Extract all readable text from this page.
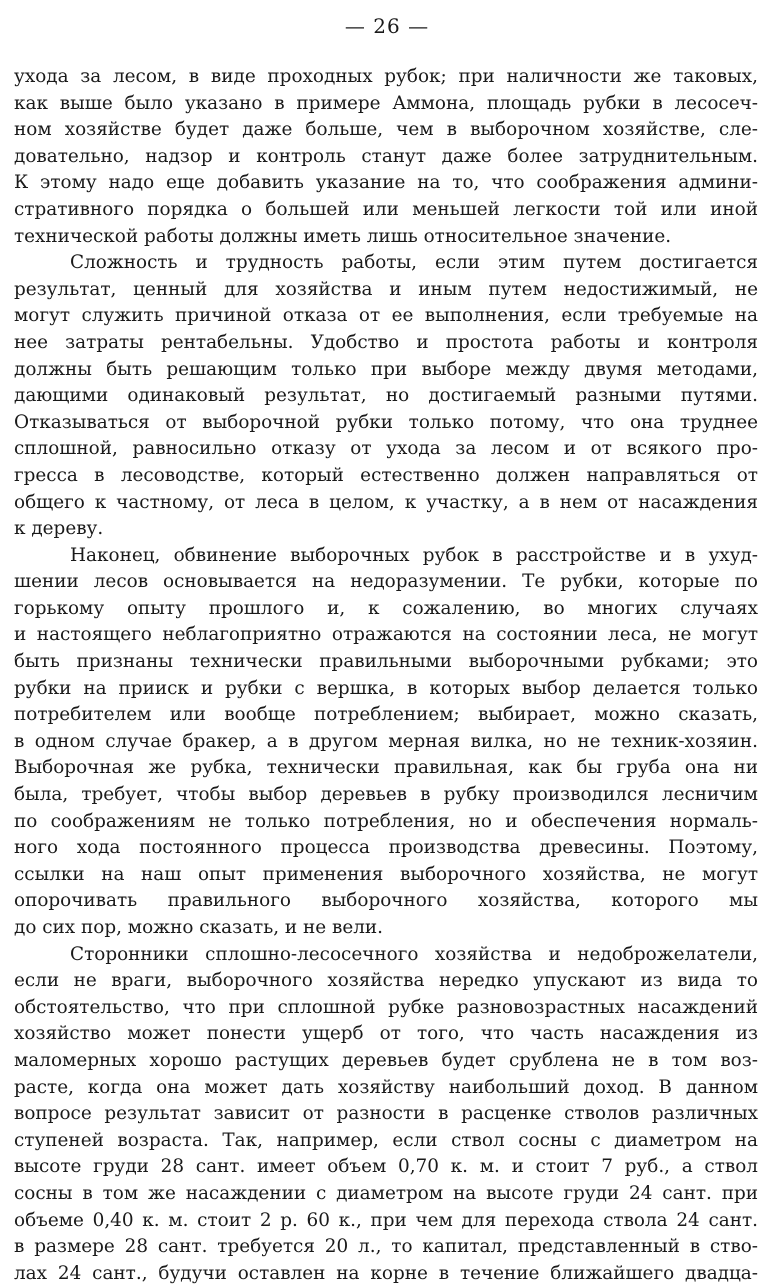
— 26 —
ухода за лесом, в виде проходных рубок; при наличности же таковых,
как выше было указано в примере Аммона, площадь рубки в лесосеч-
ном хозяйстве будет даже больше, чем в выборочном хозяйстве, сле-
довательно, надзор и контроль станут даже более затруднительным.
К этому надо еще добавить указание на то, что соображения админи-
стративного порядка о большей или меньшей легкости той или иной
технической работы должны иметь лишь относительное значение.
Сложность и трудность работы, если этим путем достигается
результат, ценный для хозяйства и иным путем недостижимый, не
могут служить причиной отказа от ее выполнения, если требуемые на
нее затраты рентабельны. Удобство и простота работы и контроля
должны быть решающим только при выборе между двумя методами,
дающими одинаковый результат, но достигаемый разными путями.
Отказываться от выборочной рубки только потому, что она труднее
сплошной, равносильно отказу от ухода за лесом и от всякого про-
гресса в лесоводстве, который естественно должен направляться от
общего к частному, от леса в целом, к участку, а в нем от насаждения
к дереву.
Наконец, обвинение выборочных рубок в расстройстве и в ухуд-
шении лесов основывается на недоразумении. Те рубки, которые по
горькому опыту прошлого и, к сожалению, во многих случаях
и настоящего неблагоприятно отражаются на состоянии леса, не могут
быть признаны технически правильными выборочными рубками; это
рубки на прииск и рубки с вершка, в которых выбор делается только
потребителем или вообще потреблением; выбирает, можно сказать,
в одном случае бракер, а в другом мерная вилка, но не техник-хозяин.
Выборочная же рубка, технически правильная, как бы груба она ни
была, требует, чтобы выбор деревьев в рубку производился лесничим
по соображениям не только потребления, но и обеспечения нормаль-
ного хода постоянного процесса производства древесины. Поэтому,
ссылки на наш опыт применения выборочного хозяйства, не могут
опорочивать правильного выборочного хозяйства, которого мы
до сих пор, можно сказать, и не вели.
Сторонники сплошно-лесосечного хозяйства и недоброжелатели,
если не враги, выборочного хозяйства нередко упускают из вида то
обстоятельство, что при сплошной рубке разновозрастных насаждений
хозяйство может понести ущерб от того, что часть насаждения из
маломерных хорошо растущих деревьев будет срублена не в том воз-
расте, когда она может дать хозяйству наибольший доход. В данном
вопросе результат зависит от разности в расценке стволов различных
ступеней возраста. Так, например, если ствол сосны с диаметром на
высоте груди 28 сант. имеет объем 0,70 к. м. и стоит 7 руб., а ствол
сосны в том же насаждении с диаметром на высоте груди 24 сант. при
объеме 0,40 к. м. стоит 2 р. 60 к., при чем для перехода ствола 24 сант.
в размере 28 сант. требуется 20 л., то капитал, представленный в ство-
лах 24 сант., будучи оставлен на корне в течение ближайшего двадца-
